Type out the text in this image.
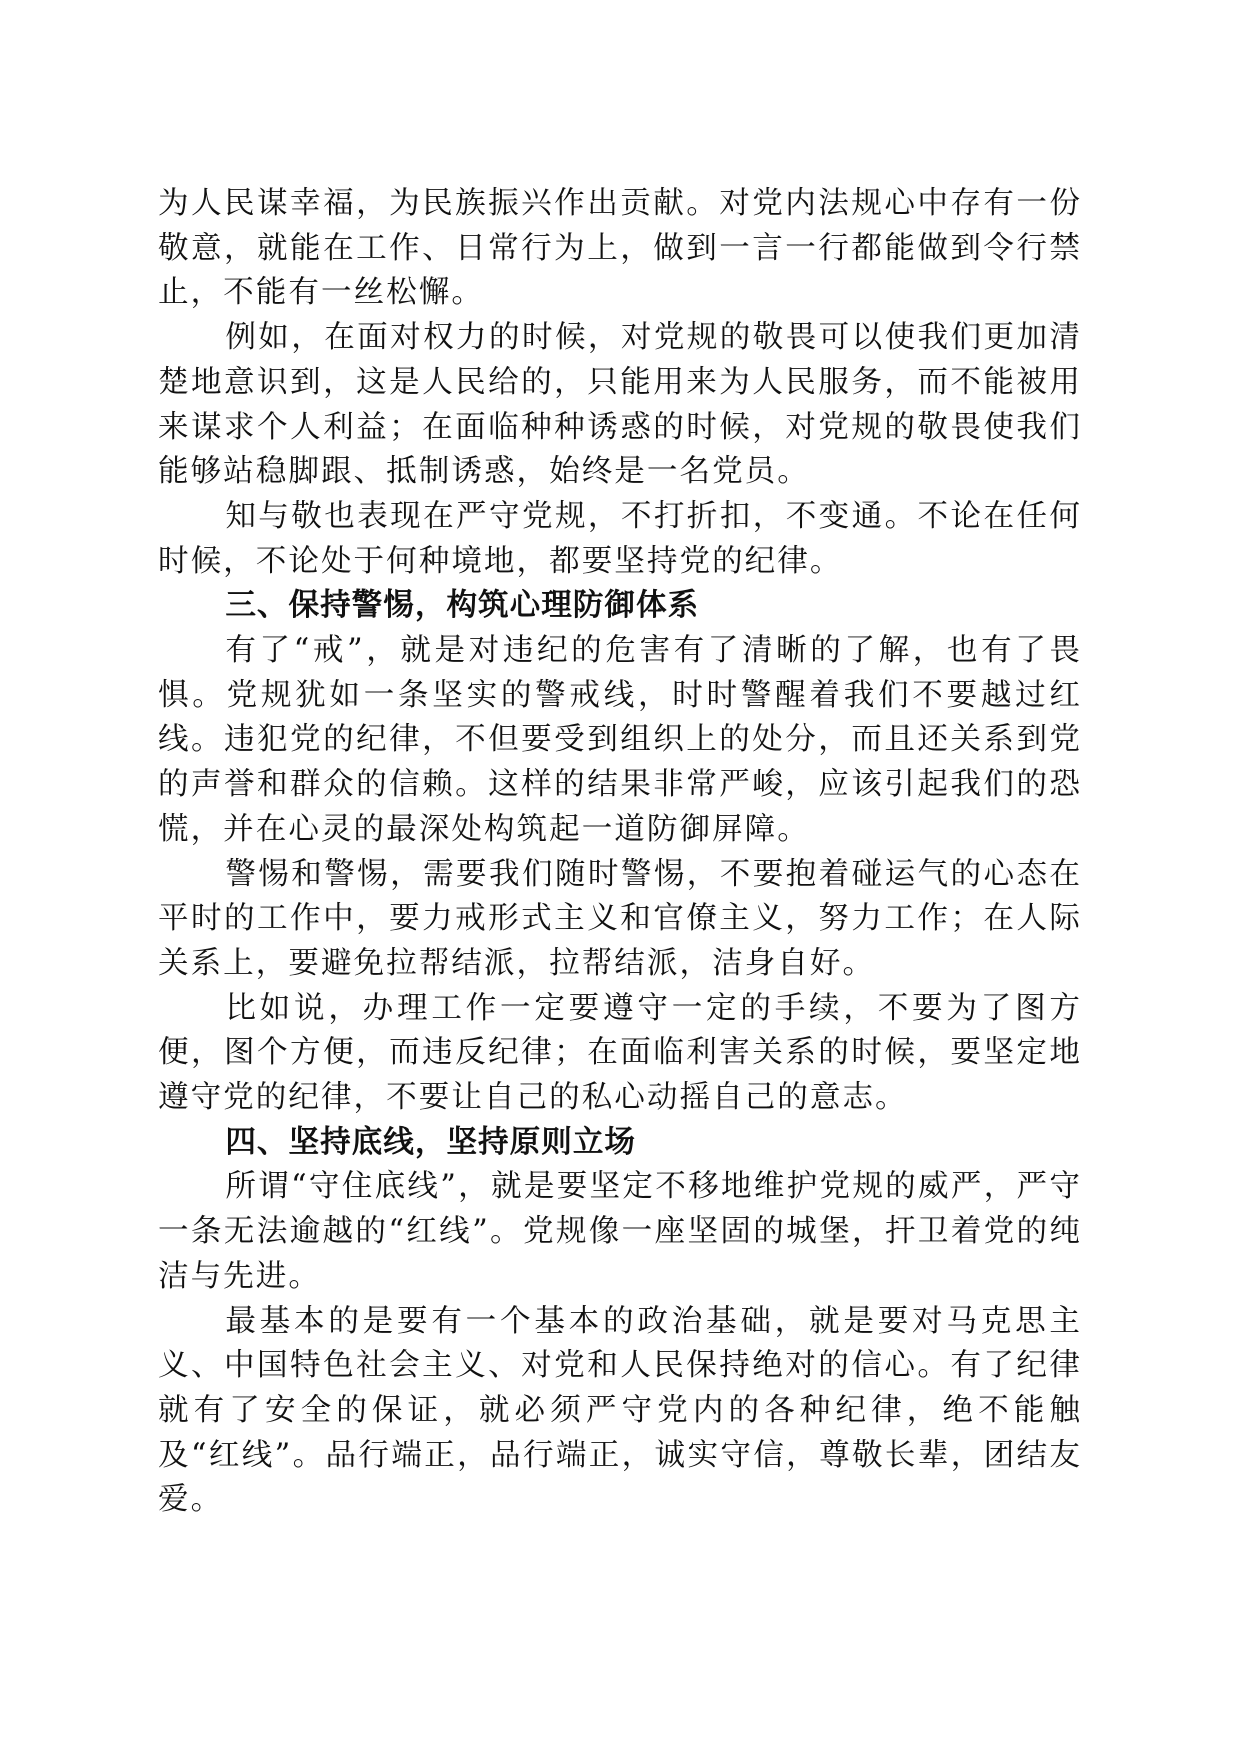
为人民谋幸福，为民族振兴作出贡献。对党内法规心中存有一份敬意，就能在工作、日常行为上，做到一言一行都能做到令行禁止，不能有一丝松懈。

例如，在面对权力的时候，对党规的敬畏可以使我们更加清楚地意识到，这是人民给的，只能用来为人民服务，而不能被用来谋求个人利益；在面临种种诱惑的时候，对党规的敬畏使我们能够站稳脚跟、抵制诱惑，始终是一名党员。

知与敬也表现在严守党规，不打折扣，不变通。不论在任何时候，不论处于何种境地，都要坚持党的纪律。

三、保持警惕，构筑心理防御体系

有了“戒”，就是对违纪的危害有了清晰的了解，也有了畏惧。党规犹如一条坚实的警戒线，时时警醒着我们不要越过红线。违犯党的纪律，不但要受到组织上的处分，而且还关系到党的声誉和群众的信赖。这样的结果非常严峻，应该引起我们的恐慌，并在心灵的最深处构筑起一道防御屏障。

警惕和警惕，需要我们随时警惕，不要抱着碰运气的心态在平时的工作中，要力戒形式主义和官僚主义，努力工作；在人际关系上，要避免拉帮结派，拉帮结派，洁身自好。

比如说，办理工作一定要遵守一定的手续，不要为了图方便，图个方便，而违反纪律；在面临利害关系的时候，要坚定地遵守党的纪律，不要让自己的私心动摇自己的意志。

四、坚持底线，坚持原则立场

所谓“守住底线”，就是要坚定不移地维护党规的威严，严守一条无法逾越的“红线”。党规像一座坚固的城堡，扞卫着党的纯洁与先进。

最基本的是要有一个基本的政治基础，就是要对马克思主义、中国特色社会主义、对党和人民保持绝对的信心。有了纪律就有了安全的保证，就必须严守党内的各种纪律，绝不能触及“红线”。品行端正，品行端正，诚实守信，尊敬长辈，团结友爱。
